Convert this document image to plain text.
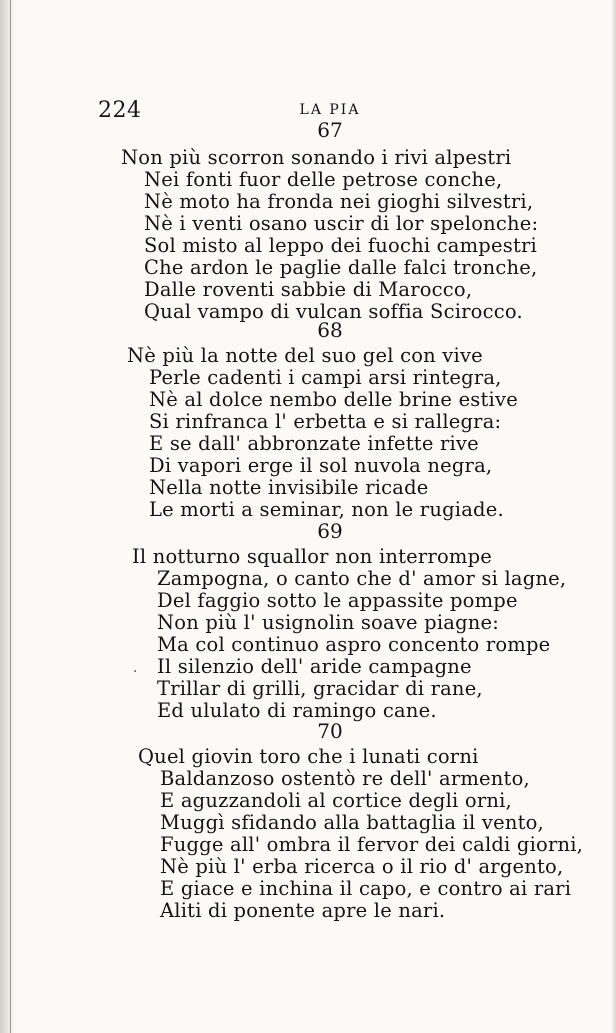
224	LA PIA
67
Non più scorron sonando i rivi alpestri
Nei fonti fuor delle petrose conche,
Nè moto ha fronda nei gioghi silvestri,
Nè i venti osano uscir di lor spelonche:
Sol misto al leppo dei fuochi campestri
Che ardon le paglie dalle falci tronche,
Dalle roventi sabbie di Marocco,
Qual vampo di vulcan soffia Scirocco.
68
Nè più la notte del suo gel con vive
Perle cadenti i campi arsi rintegra,
Nè al dolce nembo delle brine estive
Si rinfranca l' erbetta e si rallegra:
E se dall' abbronzate infette rive
Di vapori erge il sol nuvola negra,
Nella notte invisibile ricade
Le morti a seminar, non le rugiade.
69
Il notturno squallor non interrompe
Zampogna, o canto che d' amor si lagne,
Del faggio sotto le appassite pompe
Non più l' usignolin soave piagne:
Ma col continuo aspro concento rompe
Il silenzio dell' aride campagne
Trillar di grilli, gracidar di rane,
Ed ululato di ramingo cane.
·
70
Quel giovin toro che i lunati corni
Baldanzoso ostentò re dell' armento,
E aguzzandoli al cortice degli orni,
Muggì sfidando alla battaglia il vento,
Fugge all' ombra il fervor dei caldi giorni,
Nè più l' erba ricerca o il rio d' argento,
E giace e inchina il capo, e contro ai rari
Aliti di ponente apre le nari.
